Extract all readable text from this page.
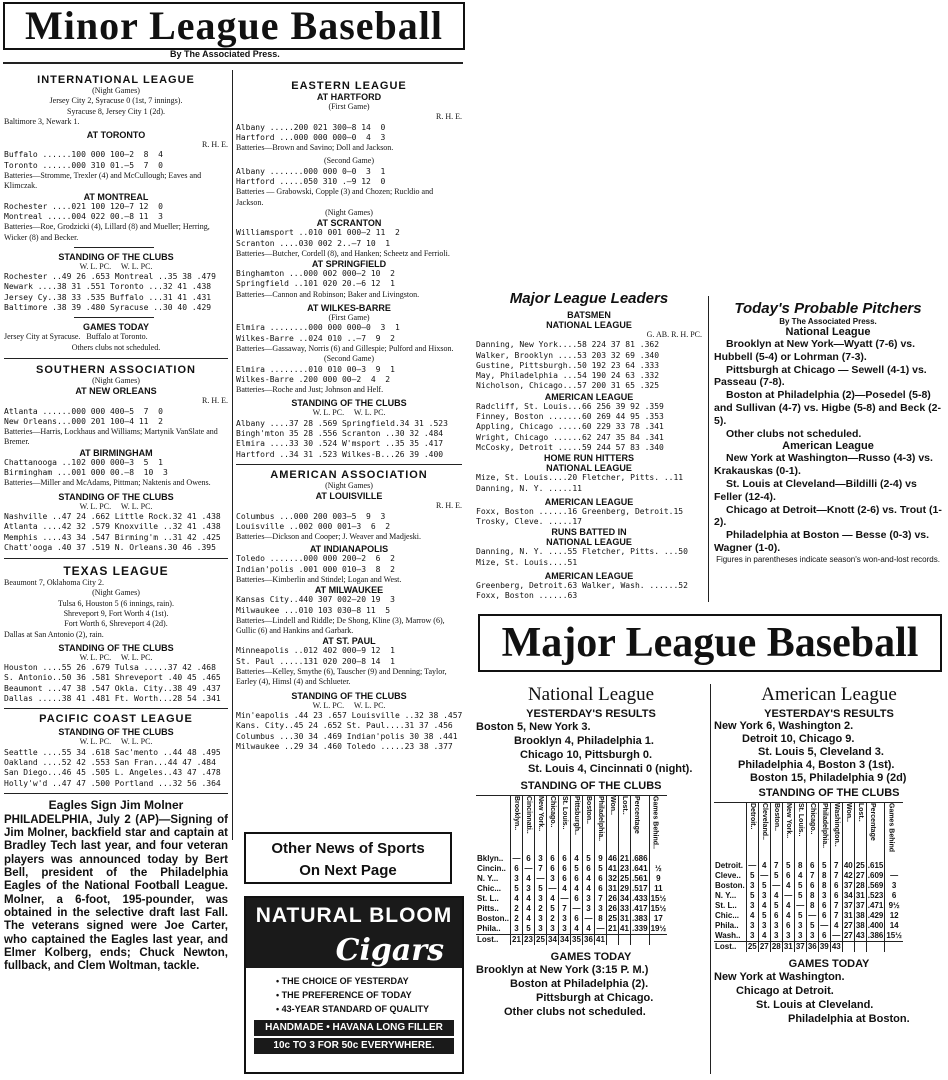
Minor League Baseball
By The Associated Press.
INTERNATIONAL LEAGUE
(Night Games)
Jersey City 2, Syracuse 0 (1st, 7 innings).
Syracuse 8, Jersey City 1 (2d).
Baltimore 3, Newark 1.
AT TORONTO
R. H. E.
Buffalo ......100 000 100—2  8  4
Toronto ......000 310 01.—5  7  0
Batteries—Stromme, Trexler (4) and McCullough; Eaves and Klimczak.
AT MONTREAL
Rochester ....021 100 120—7 12  0
Montreal .....004 022 00.—8 11  3
Batteries—Roe, Grodzicki (4), Lillard (8) and Mueller; Herring, Wicker (8) and Becker.
STANDING OF THE CLUBS
W. L. PC.     W. L. PC.
Rochester ..49 26 .653 Montreal ..35 38 .479
Newark ....38 31 .551 Toronto ...32 41 .438
Jersey Cy..38 33 .535 Buffalo ...31 41 .431
Baltimore .38 39 .480 Syracuse ..30 40 .429
GAMES TODAY
Jersey City at Syracuse.   Buffalo at Toronto.
Others clubs not scheduled.
SOUTHERN ASSOCIATION
(Night Games)
AT NEW ORLEANS
R. H. E.
Atlanta ......000 000 400—5  7  0
New Orleans...000 201 100—4 11  2
Batteries—Harris, Lockhaus and Williams; Martynik VanSlate and Bremer.
AT BIRMINGHAM
Chattanooga ..102 000 000—3  5  1
Birmingham ...001 000 00.—8  10  3
Batteries—Miller and McAdams, Pittman; Naktenis and Owens.
STANDING OF THE CLUBS
W. L. PC.     W. L. PC.
Nashville ..47 24 .662 Little Rock.32 41 .438
Atlanta ....42 32 .579 Knoxville ..32 41 .438
Memphis ....43 34 .547 Birming'm ..31 42 .425
Chatt'ooga .40 37 .519 N. Orleans.30 46 .395
TEXAS LEAGUE
Beaumont 7, Oklahoma City 2.
(Night Games)
Tulsa 6, Houston 5 (6 innings, rain).
Shreveport 9, Fort Worth 4 (1st).
Fort Worth 6, Shreveport 4 (2d).
Dallas at San Antonio (2), rain.
STANDING OF THE CLUBS
W. L. PC.     W. L. PC.
Houston ....55 26 .679 Tulsa .....37 42 .468
S. Antonio..50 36 .581 Shreveport .40 45 .465
Beaumont ...47 38 .547 Okla. City..38 49 .437
Dallas .....38 41 .481 Ft. Worth...28 54 .341
PACIFIC COAST LEAGUE
STANDING OF THE CLUBS
W. L. PC.     W. L. PC.
Seattle ....55 34 .618 Sac'mento ..44 48 .495
Oakland ....52 42 .553 San Fran...44 47 .484
San Diego...46 45 .505 L. Angeles..43 47 .478
Holly'w'd ..47 47 .500 Portland ...32 56 .364
Eagles Sign Jim Molner
PHILADELPHIA, July 2 (AP)—Signing of Jim Molner, backfield star and captain at Bradley Tech last year, and four veteran players was announced today by Bert Bell, president of the Philadelphia Eagles of the National Football League. Molner, a 6-foot, 195-pounder, was obtained in the selective draft last Fall. The veterans signed were Joe Carter, who captained the Eagles last year, and Elmer Kolberg, ends; Chuck Newton, fullback, and Clem Woltman, tackle.
EASTERN LEAGUE
AT HARTFORD
(First Game)
R. H. E.
Albany .....200 021 300—8 14  0
Hartford ...000 000 000—0  4  3
Batteries—Brown and Savino; Doll and Jackson.
(Second Game)
Albany .......000 000 0—0  3  1
Hartford .....050 310 .—9 12  0
Batteries — Grabowski, Copple (3) and Chozen; Rucldio and Jackson.
(Night Games)
AT SCRANTON
Williamsport ..010 001 000—2 11  2
Scranton ....030 002 2..—7 10  1
Batteries—Butcher, Cordell (8), and Hanken; Scheetz and Ferrioli.
AT SPRINGFIELD
Binghamton ...000 002 000—2 10  2
Springfield ..101 020 20.—6 12  1
Batteries—Cannon and Robinson; Baker and Livingston.
AT WILKES-BARRE
(First Game)
Elmira ........000 000 000—0  3  1
Wilkes-Barre ..024 010 ..—7  9  2
Batteries—Gassaway, Norris (6) and Gillespie; Pulford and Hixson.
(Second Game)
Elmira ........010 010 00—3  9  1
Wilkes-Barre .200 000 00—2  4  2
Batteries—Roche and Just; Johnson and Helf.
STANDING OF THE CLUBS
W. L. PC.     W. L. PC.
Albany ....37 28 .569 Springfield.34 31 .523
Bingh'mton 35 28 .556 Scranton ..30 32 .484
Elmira ....33 30 .524 W'msport ..35 35 .417
Hartford ..34 31 .523 Wilkes-B...26 39 .400
AMERICAN ASSOCIATION
(Night Games)
AT LOUISVILLE
R. H. E.
Columbus ...000 200 003—5  9  3
Louisville ..002 000 001—3  6  2
Batteries—Dickson and Cooper; J. Weaver and Madjeski.
AT INDIANAPOLIS
Toledo .......000 000 200—2  6  2
Indian'polis .001 000 010—3  8  2
Batteries—Kimberlin and Stindel; Logan and West.
AT MILWAUKEE
Kansas City..440 307 002—20 19  3
Milwaukee ...010 103 030—8 11  5
Batteries—Lindell and Riddle; De Shong, Kline (3), Marrow (6), Gullic (6) and Hankins and Garbark.
AT ST. PAUL
Minneapolis ..012 402 000—9 12  1
St. Paul .....131 020 200—8 14  1
Batteries—Kelley, Smythe (6), Tauscher (9) and Denning; Taylor, Earley (4), Himsl (4) and Schlueter.
STANDING OF THE CLUBS
W. L. PC.     W. L. PC.
Min'eapolis .44 23 .657 Louisville ..32 38 .457
Kans. City..45 24 .652 St. Paul....31 37 .456
Columbus ...30 34 .469 Indian'polis 30 38 .441
Milwaukee ..29 34 .460 Toledo .....23 38 .377
Other News of Sports
On Next Page
NATURAL BLOOM
Cigars
• THE CHOICE OF YESTERDAY
• THE PREFERENCE OF TODAY
• 43-YEAR STANDARD OF QUALITY
HANDMADE • HAVANA LONG FILLER
10c TO 3 FOR 50c EVERYWHERE.
Major League Leaders
BATSMEN
NATIONAL LEAGUE
G. AB. R. H. PC.
Danning, New York....58 224 37 81 .362
Walker, Brooklyn ....53 203 32 69 .340
Gustine, Pittsburgh..50 192 23 64 .333
May, Philadelphia ...54 190 24 63 .332
Nicholson, Chicago...57 200 31 65 .325
AMERICAN LEAGUE
Radcliff, St. Louis...66 256 39 92 .359
Finney, Boston .......60 269 44 95 .353
Appling, Chicago .....60 229 33 78 .341
Wright, Chicago ......62 247 35 84 .341
McCosky, Detroit .....59 244 57 83 .340
HOME RUN HITTERS
NATIONAL LEAGUE
Mize, St. Louis....20 Fletcher, Pitts. ..11
Danning, N. Y. .....11
AMERICAN LEAGUE
Foxx, Boston ......16 Greenberg, Detroit.15
Trosky, Cleve. .....17
RUNS BATTED IN
NATIONAL LEAGUE
Danning, N. Y. ....55 Fletcher, Pitts. ...50
Mize, St. Louis....51
AMERICAN LEAGUE
Greenberg, Detroit.63 Walker, Wash. ......52
Foxx, Boston ......63
Today's Probable Pitchers
By The Associated Press.
National League
Brooklyn at New York—Wyatt (7-6) vs. Hubbell (5-4) or Lohrman (7-3).
Pittsburgh at Chicago — Sewell (4-1) vs. Passeau (7-8).
Boston at Philadelphia (2)—Posedel (5-8) and Sullivan (4-7) vs. Higbe (5-8) and Beck (2-5).
Other clubs not scheduled.
American League
New York at Washington—Russo (4-3) vs. Krakauskas (0-1).
St. Louis at Cleveland—Bildilli (2-4) vs Feller (12-4).
Chicago at Detroit—Knott (2-6) vs. Trout (1-2).
Philadelphia at Boston — Besse (0-3) vs. Wagner (1-0).
Figures in parentheses indicate season's won-and-lost records.
Major League Baseball
National League
YESTERDAY'S RESULTS
Boston 5, New York 3.
Brooklyn 4, Philadelphia 1.
Chicago 10, Pittsburgh 0.
St. Louis 4, Cincinnati 0 (night).
STANDING OF THE CLUBS

	Brooklyn..	Cincinnati..	New York..	Chicago..	St. Louis..	Pittsburgh..	Boston..	Philadelphia..	Won..	Lost..	Percentage	Games Behind..

Bklyn..	—	6	3	6	6	4	5	9	46	21	.686	
Cincin..	6	—	7	6	6	5	6	5	41	23	.641	½
N. Y...	3	4	—	3	6	6	4	6	32	25	.561	9
Chic...	5	3	5	—	4	4	4	6	31	29	.517	11
St. L..	4	4	3	4	—	6	3	7	26	34	.433	15½
Pitts..	2	4	2	5	7	—	3	3	26	33	.417	15½
Boston..	2	4	3	2	3	6	—	8	25	31	.383	17
Phila..	3	5	3	3	3	4	4	—	21	41	.339	19½
Lost..	21	23	25	34	34	35	36	41				
GAMES TODAY
Brooklyn at New York (3:15 P. M.)
Boston at Philadelphia (2).
Pittsburgh at Chicago.
Other clubs not scheduled.
American League
YESTERDAY'S RESULTS
New York 6, Washington 2.
Detroit 10, Chicago 9.
St. Louis 5, Cleveland 3.
Philadelphia 4, Boston 3 (1st).
Boston 15, Philadelphia 9 (2d)
STANDING OF THE CLUBS

	Detroit..	Cleveland..	Boston..	New York..	St. Louis..	Chicago..	Philadelphia..	Washington..	Won..	Lost..	Percentage	Games Behind

Detroit.	—	4	7	5	8	6	5	7	40	25	.615	
Cleve..	5	—	5	6	4	7	8	7	42	27	.609	—
Boston.	3	5	—	4	5	6	8	6	37	28	.569	3
N. Y...	5	3	4	—	5	8	3	6	34	31	.523	6
St. L..	3	4	5	4	—	8	6	7	37	37	.471	9½
Chic...	4	5	6	4	5	—	6	7	31	38	.429	12
Phila..	3	3	3	6	3	5	—	4	27	38	.400	14
Wash..	3	4	3	3	3	3	6	—	27	43	.386	15½
Lost..	25	27	28	31	37	36	39	43				
GAMES TODAY
New York at Washington.
Chicago at Detroit.
St. Louis at Cleveland.
Philadelphia at Boston.
